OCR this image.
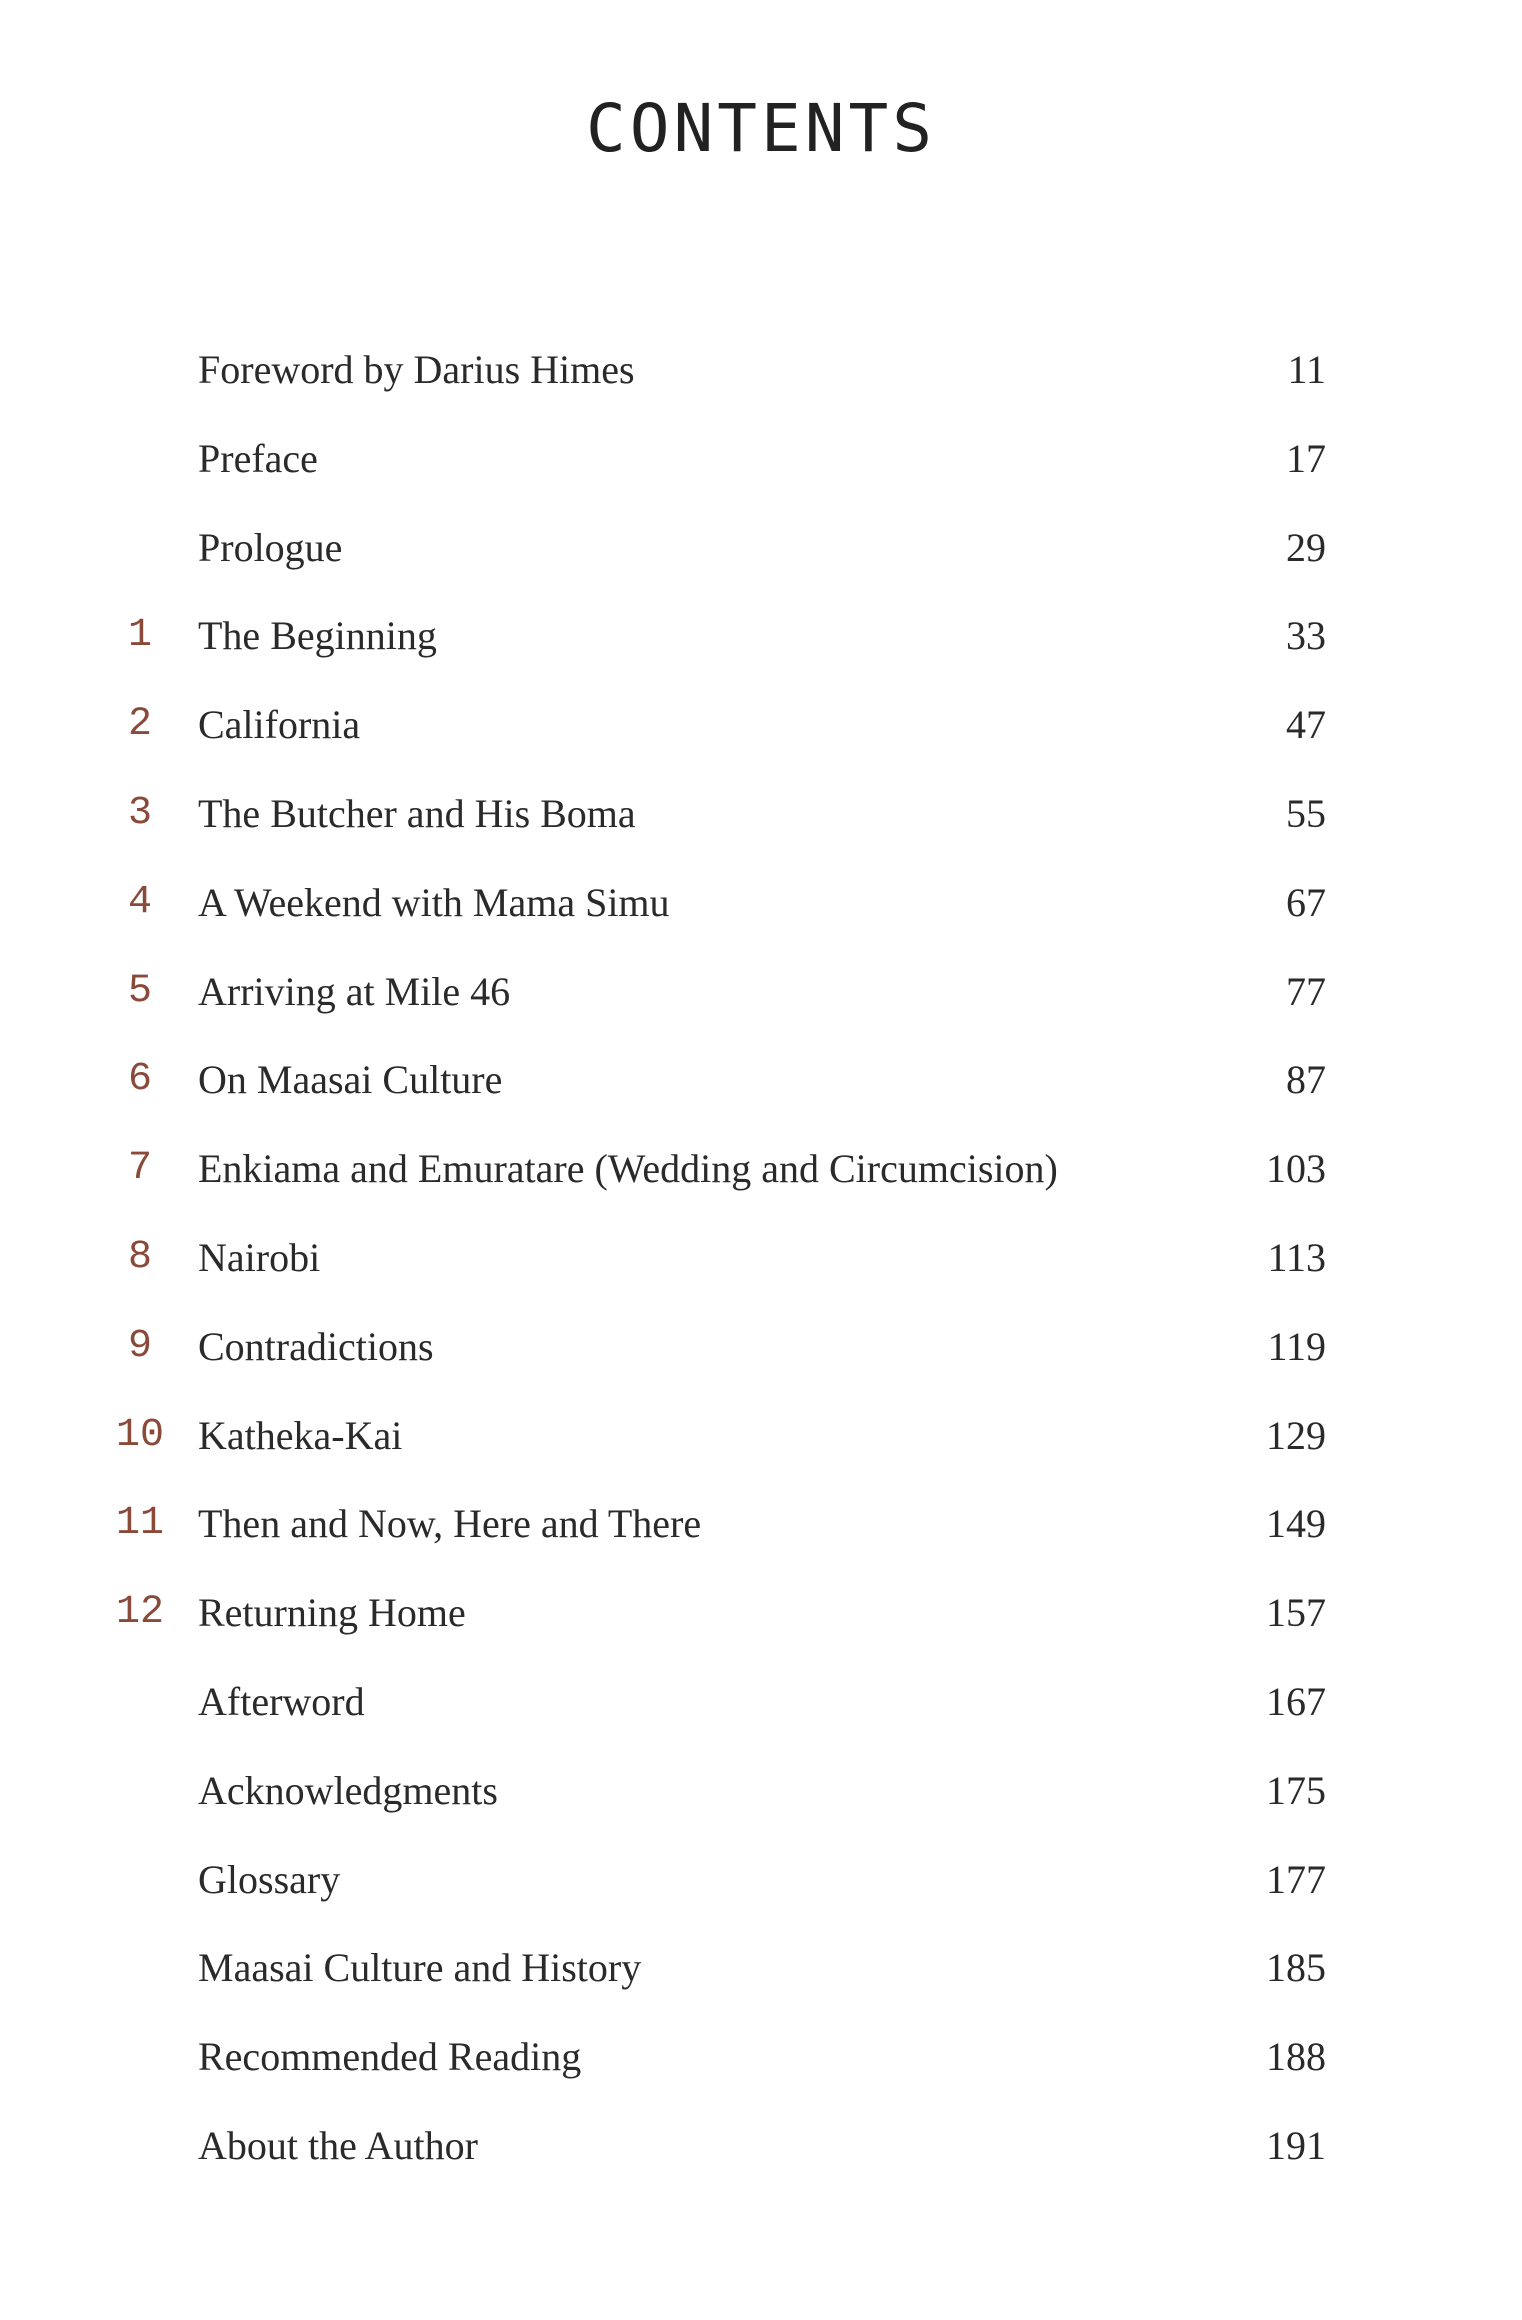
CONTENTS
Foreword by Darius Himes	11
Preface	17
Prologue	29
1	The Beginning	33
2	California	47
3	The Butcher and His Boma	55
4	A Weekend with Mama Simu	67
5	Arriving at Mile 46	77
6	On Maasai Culture	87
7	Enkiama and Emuratare (Wedding and Circumcision)	103
8	Nairobi	113
9	Contradictions	119
10 Katheka-Kai	129
11 Then and Now, Here and There	149
12 Returning Home	157
Afterword	167
Acknowledgments	175
Glossary	177
Maasai Culture and History	185
Recommended Reading	188
About the Author	191
